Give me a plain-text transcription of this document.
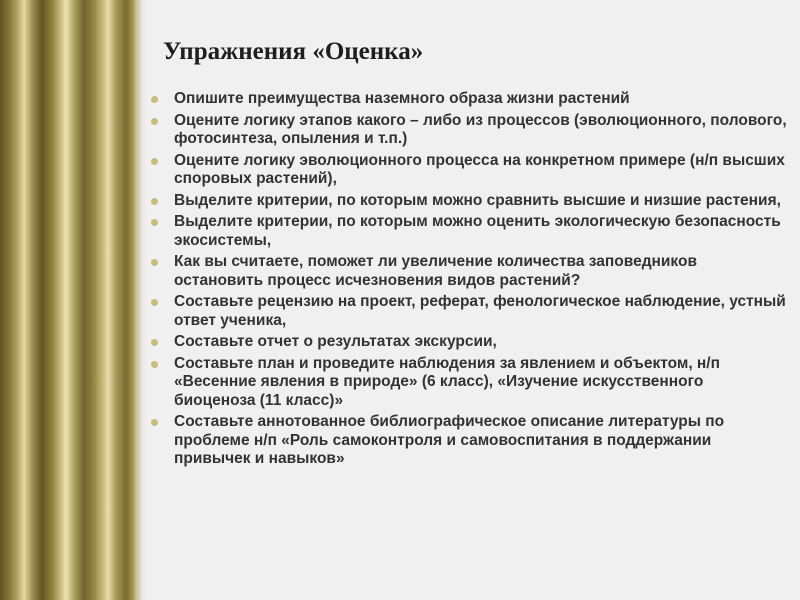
Упражнения «Оценка»
Опишите преимущества наземного образа жизни растений
Оцените логику этапов какого – либо из процессов (эволюционного, полового, фотосинтеза, опыления и т.п.)
Оцените логику эволюционного процесса на конкретном примере (н/п высших споровых растений),
Выделите критерии, по которым можно сравнить высшие и низшие растения,
Выделите критерии, по которым можно оценить экологическую безопасность экосистемы,
Как вы считаете, поможет ли увеличение количества заповедников остановить процесс исчезновения видов растений?
Составьте рецензию на проект, реферат, фенологическое наблюдение, устный ответ ученика,
Составьте отчет о результатах экскурсии,
Составьте план и проведите наблюдения за явлением и объектом, н/п «Весенние явления в природе» (6 класс), «Изучение искусственного биоценоза (11 класс)»
Составьте аннотованное библиографическое описание литературы по проблеме н/п «Роль самоконтроля и самовоспитания в поддержании привычек и навыков»
